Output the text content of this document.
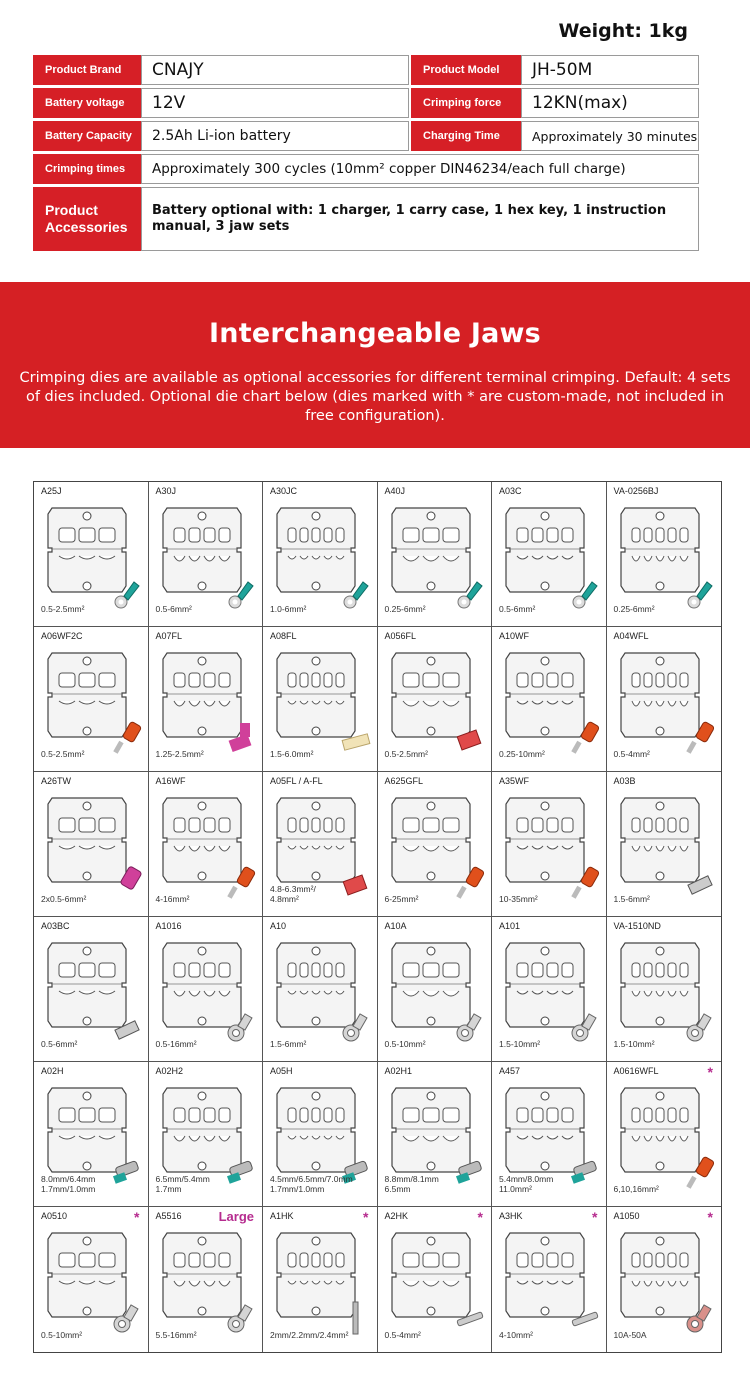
Weight: 1kg
Product Brand	CNAJY	Product Model	JH-50M
Battery voltage	12V	Crimping force	12KN(max)
Battery Capacity	2.5Ah Li-ion battery	Charging Time	Approximately 30 minutes
Crimping times	Approximately 300 cycles (10mm² copper DIN46234/each full charge)
Product Accessories
Battery optional with: 1 charger, 1 carry case, 1 hex key, 1 instruction manual, 3 jaw sets
Interchangeable Jaws

Crimping dies are available as optional accessories for different terminal crimping. Default: 4 sets of dies included. Optional die chart below (dies marked with * are custom-made, not included in free configuration).

A25J
0.5-2.5mm²
A30J
0.5-6mm²
A30JC
1.0-6mm²
A40J
0.25-6mm²
A03C
0.5-6mm²
VA-0256BJ
0.25-6mm²
A06WF2C
0.5-2.5mm²
A07FL
1.25-2.5mm²
A08FL
1.5-6.0mm²
A056FL
0.5-2.5mm²
A10WF
0.25-10mm²
A04WFL
0.5-4mm²
A26TW
2x0.5-6mm²
A16WF
4-16mm²
A05FL / A-FL
4.8-6.3mm²/
4.8mm²
A625GFL
6-25mm²
A35WF
10-35mm²
A03B
1.5-6mm²
A03BC
0.5-6mm²
A1016
0.5-16mm²
A10
1.5-6mm²
A10A
0.5-10mm²
A101
1.5-10mm²
VA-1510ND
1.5-10mm²
A02H
8.0mm/6.4mm
1.7mm/1.0mm
A02H2
6.5mm/5.4mm
1.7mm
A05H
4.5mm/6.5mm/7.0mm
1.7mm/1.0mm
A02H1
8.8mm/8.1mm
6.5mm
A457
5.4mm/8.0mm
11.0mm²
A0616WFL	*
6,10,16mm²
A0510	*
0.5-10mm²
A5516	Large
5.5-16mm²
A1HK	*
2mm/2.2mm/2.4mm²
A2HK	*
0.5-4mm²
A3HK	*
4-10mm²
A1050	*
10A-50A
